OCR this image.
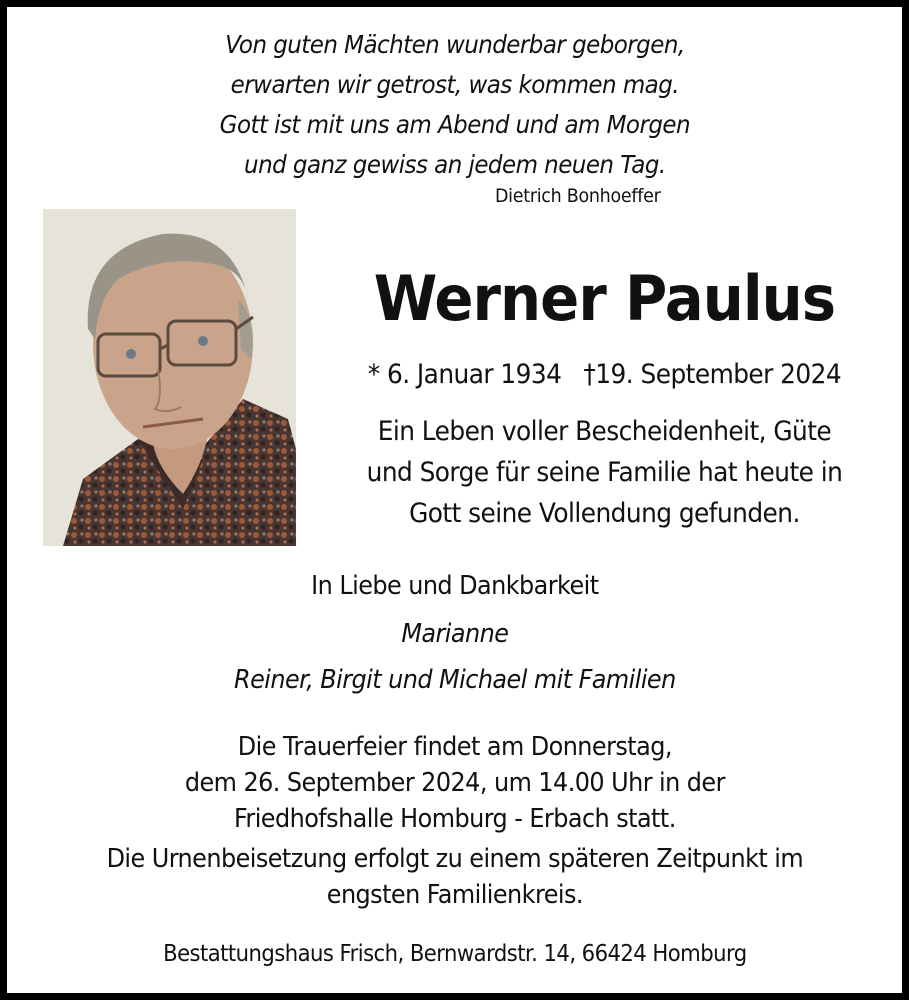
Von guten Mächten wunderbar geborgen,
erwarten wir getrost, was kommen mag.
Gott ist mit uns am Abend und am Morgen
und ganz gewiss an jedem neuen Tag.
Dietrich Bonhoeffer
Werner Paulus
* 6. Januar 1934 †19. September 2024
Ein Leben voller Bescheidenheit, Güte
und Sorge für seine Familie hat heute in
Gott seine Vollendung gefunden.
In Liebe und Dankbarkeit
Marianne
Reiner, Birgit und Michael mit Familien
Die Trauerfeier findet am Donnerstag,
dem 26. September 2024, um 14.00 Uhr in der
Friedhofshalle Homburg - Erbach statt.
Die Urnenbeisetzung erfolgt zu einem späteren Zeitpunkt im
engsten Familienkreis.
Bestattungshaus Frisch, Bernwardstr. 14, 66424 Homburg
